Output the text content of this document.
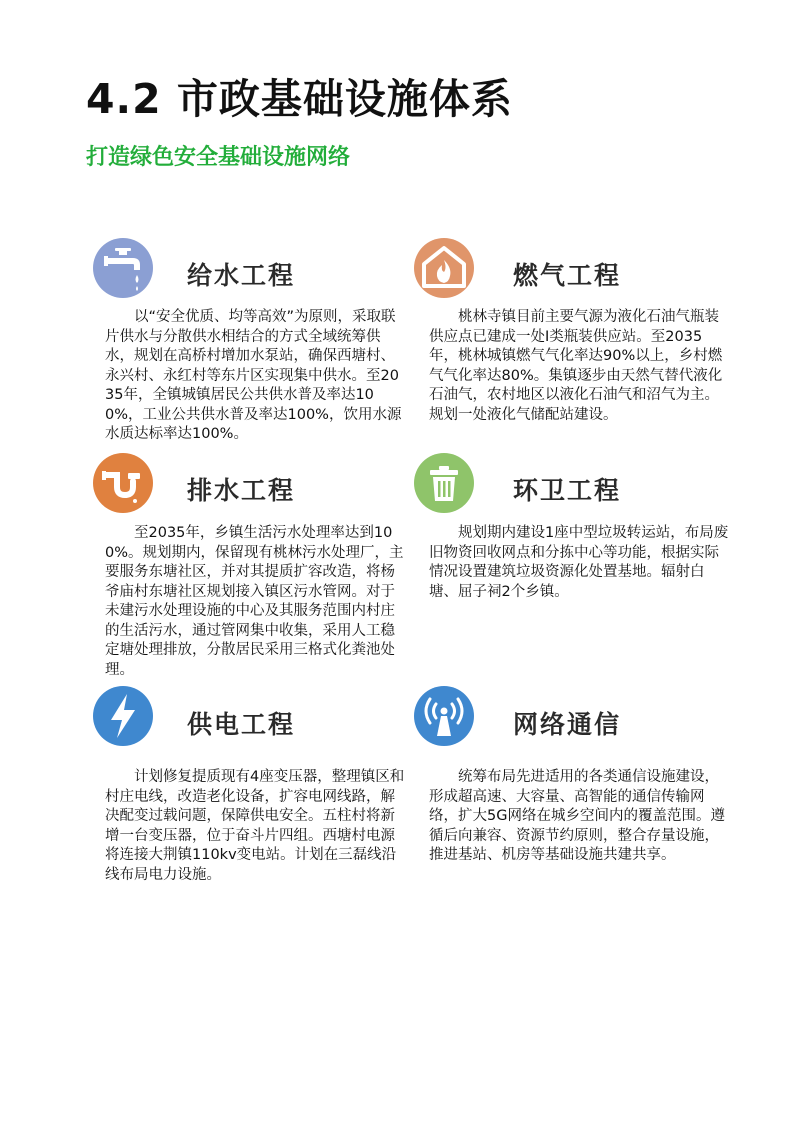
4.2 市政基础设施体系
打造绿色安全基础设施网络
给水工程
以“安全优质、均等高效”为原则，采取联片供水与分散供水相结合的方式全域统筹供水，规划在高桥村增加水泵站，确保西塘村、永兴村、永红村等东片区实现集中供水。至2035年，全镇城镇居民公共供水普及率达100%，工业公共供水普及率达100%，饮用水源水质达标率达100%。
燃气工程
桃林寺镇目前主要气源为液化石油气瓶装供应点已建成一处Ⅰ类瓶装供应站。至2035年，桃林城镇燃气气化率达90%以上，乡村燃气气化率达80%。集镇逐步由天然气替代液化石油气，农村地区以液化石油气和沼气为主。规划一处液化气储配站建设。
排水工程
至2035年，乡镇生活污水处理率达到100%。规划期内，保留现有桃林污水处理厂，主要服务东塘社区，并对其提质扩容改造，将杨爷庙村东塘社区规划接入镇区污水管网。对于未建污水处理设施的中心及其服务范围内村庄的生活污水，通过管网集中收集，采用人工稳定塘处理排放，分散居民采用三格式化粪池处理。
环卫工程
规划期内建设1座中型垃圾转运站，布局废旧物资回收网点和分拣中心等功能，根据实际情况设置建筑垃圾资源化处置基地。辐射白塘、屈子祠2个乡镇。
供电工程
计划修复提质现有4座变压器，整理镇区和村庄电线，改造老化设备，扩容电网线路，解决配变过载问题，保障供电安全。五柱村将新增一台变压器，位于奋斗片四组。西塘村电源将连接大荆镇110kv变电站。计划在三磊线沿线布局电力设施。
网络通信
统筹布局先进适用的各类通信设施建设，形成超高速、大容量、高智能的通信传输网络，扩大5G网络在城乡空间内的覆盖范围。遵循后向兼容、资源节约原则，整合存量设施，推进基站、机房等基础设施共建共享。
